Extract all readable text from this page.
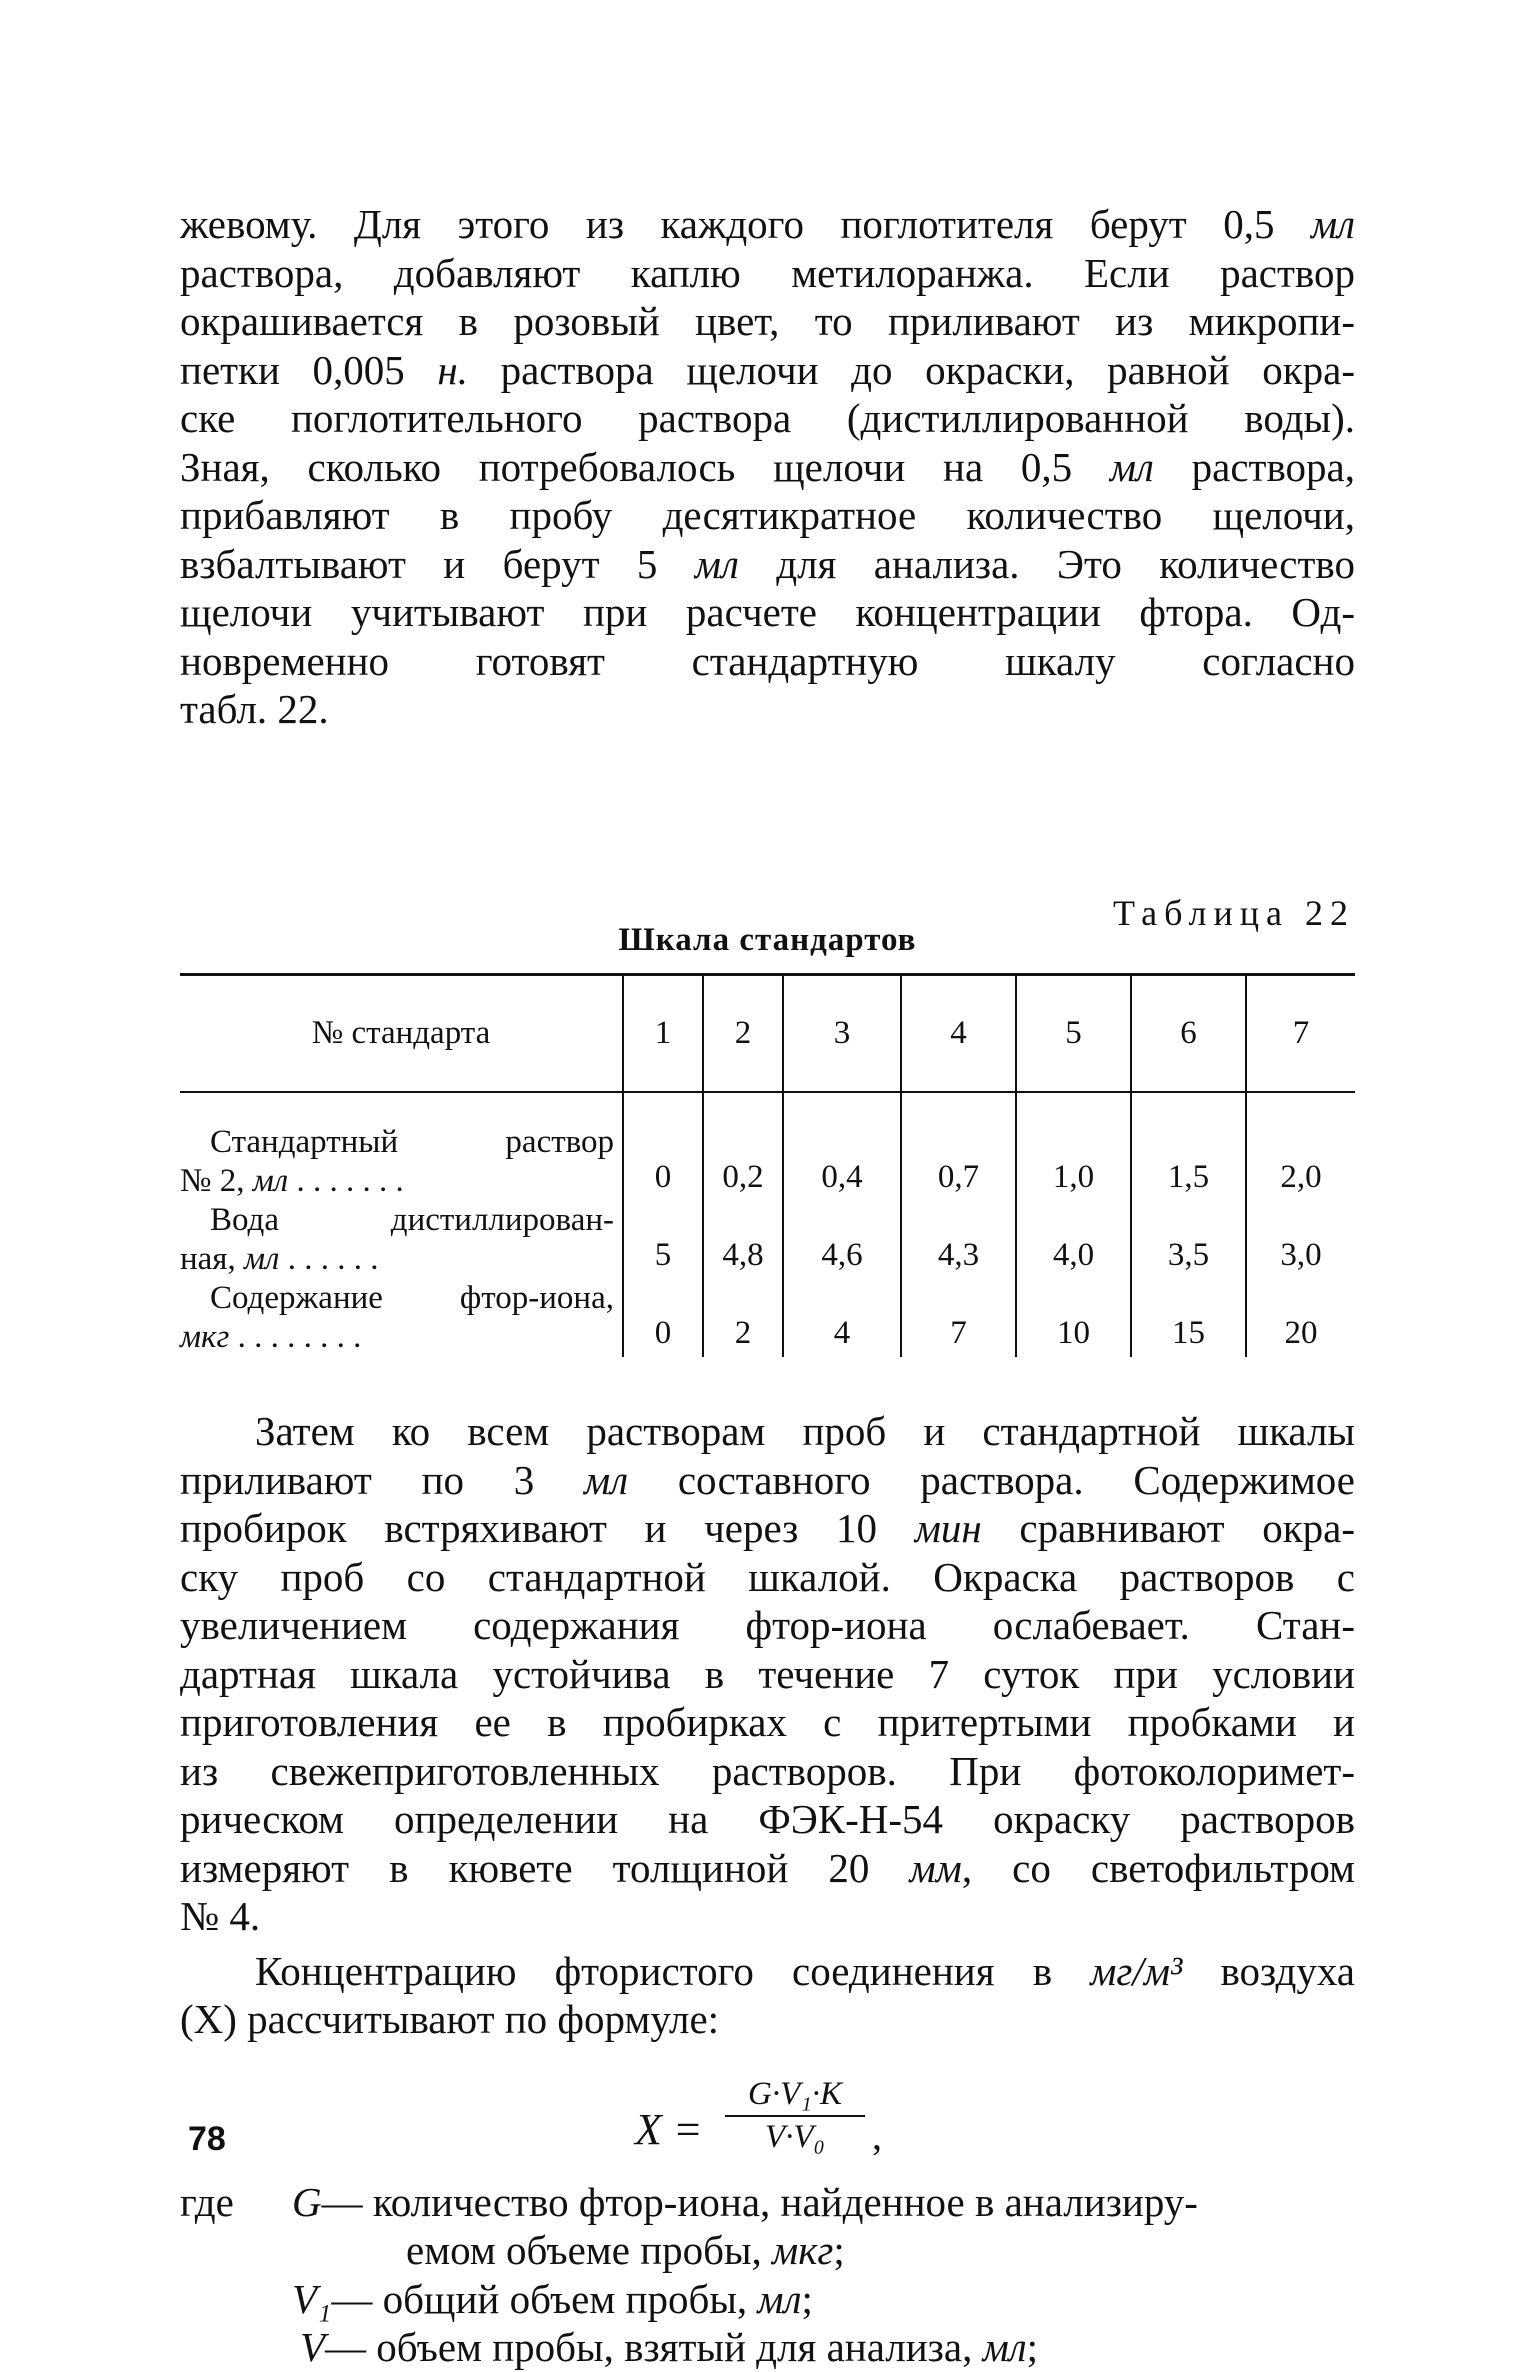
жевому. Для этого из каждого поглотителя берут 0,5 мл
раствора, добавляют каплю метилоранжа. Если раствор
окрашивается в розовый цвет, то приливают из микропи-
петки 0,005 н. раствора щелочи до окраски, равной окра-
ске поглотительного раствора (дистиллированной воды).
Зная, сколько потребовалось щелочи на 0,5 мл раствора,
прибавляют в пробу десятикратное количество щелочи,
взбалтывают и берут 5 мл для анализа. Это количество
щелочи учитывают при расчете концентрации фтора. Од-
новременно готовят стандартную шкалу согласно
табл. 22.
Таблица 22
Шкала стандартов
№ стандарта	1	2	3	4	5	6	7

Стандартный раствор
№ 2, мл . . . . . . .	0	0,2	0,4	0,7	1,0	1,5	2,0

Вода дистиллирован-
ная, мл . . . . . .	5	4,8	4,6	4,3	4,0	3,5	3,0

Содержание фтор-иона,
мкг . . . . . . . .	0	2	4	7	10	15	20
Затем ко всем растворам проб и стандартной шкалы
приливают по 3 мл составного раствора. Содержимое
пробирок встряхивают и через 10 мин сравнивают окра-
ску проб со стандартной шкалой. Окраска растворов с
увеличением содержания фтор-иона ослабевает. Стан-
дартная шкала устойчива в течение 7 суток при условии
приготовления ее в пробирках с притертыми пробками и
из свежеприготовленных растворов. При фотоколоримет-
рическом определении на ФЭК-Н-54 окраску растворов
измеряют в кювете толщиной 20 мм, со светофильтром
№ 4.
Концентрацию фтористого соединения в мг/м³ воздуха
(X) рассчитывают по формуле:
$X = \frac{\text{G·V₁·K}}{\text{V·V₀}}$ ,
где G— количество фтор-иона, найденное в анализиру-
емом объеме пробы, мкг;
V₁— общий объем пробы, мл;
V— объем пробы, взятый для анализа, мл;
78
